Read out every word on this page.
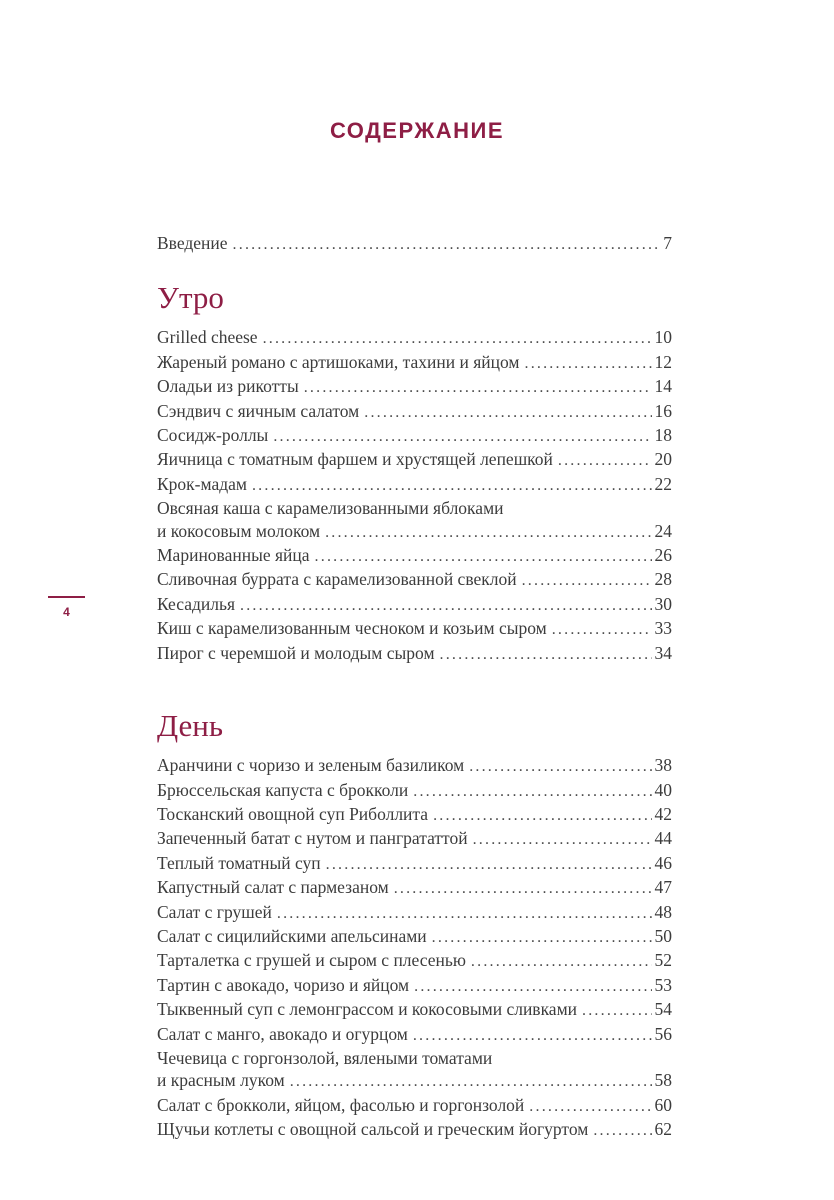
4
СОДЕРЖАНИЕ
Введение .....	7
Утро
Grilled cheese .....	10
Жареный романо с артишоками, тахини и яйцом .....	12
Оладьи из рикотты .....	14
Сэндвич с яичным салатом .....	16
Сосидж-роллы .....	18
Яичница с томатным фаршем и хрустящей лепешкой .....	20
Крок-мадам .....	22
Овсяная каша с карамелизованными яблоками
и кокосовым молоком .....	24
Маринованные яйца .....	26
Сливочная буррата с карамелизованной свеклой .....	28
Кесадилья .....	30
Киш с карамелизованным чесноком и козьим сыром .....	33
Пирог с черемшой и молодым сыром .....	34
День
Аранчини с чоризо и зеленым базиликом .....	38
Брюссельская капуста с брокколи .....	40
Тосканский овощной суп Риболлита .....	42
Запеченный батат с нутом и пангрататтой .....	44
Теплый томатный суп .....	46
Капустный салат с пармезаном .....	47
Салат с грушей .....	48
Салат с сицилийскими апельсинами .....	50
Тарталетка с грушей и сыром с плесенью .....	52
Тартин с авокадо, чоризо и яйцом .....	53
Тыквенный суп с лемонграссом и кокосовыми сливками .....	54
Салат с манго, авокадо и огурцом .....	56
Чечевица с горгонзолой, вялеными томатами
и красным луком .....	58
Салат с брокколи, яйцом, фасолью и горгонзолой .....	60
Щучьи котлеты с овощной сальсой и греческим йогуртом .....	62
